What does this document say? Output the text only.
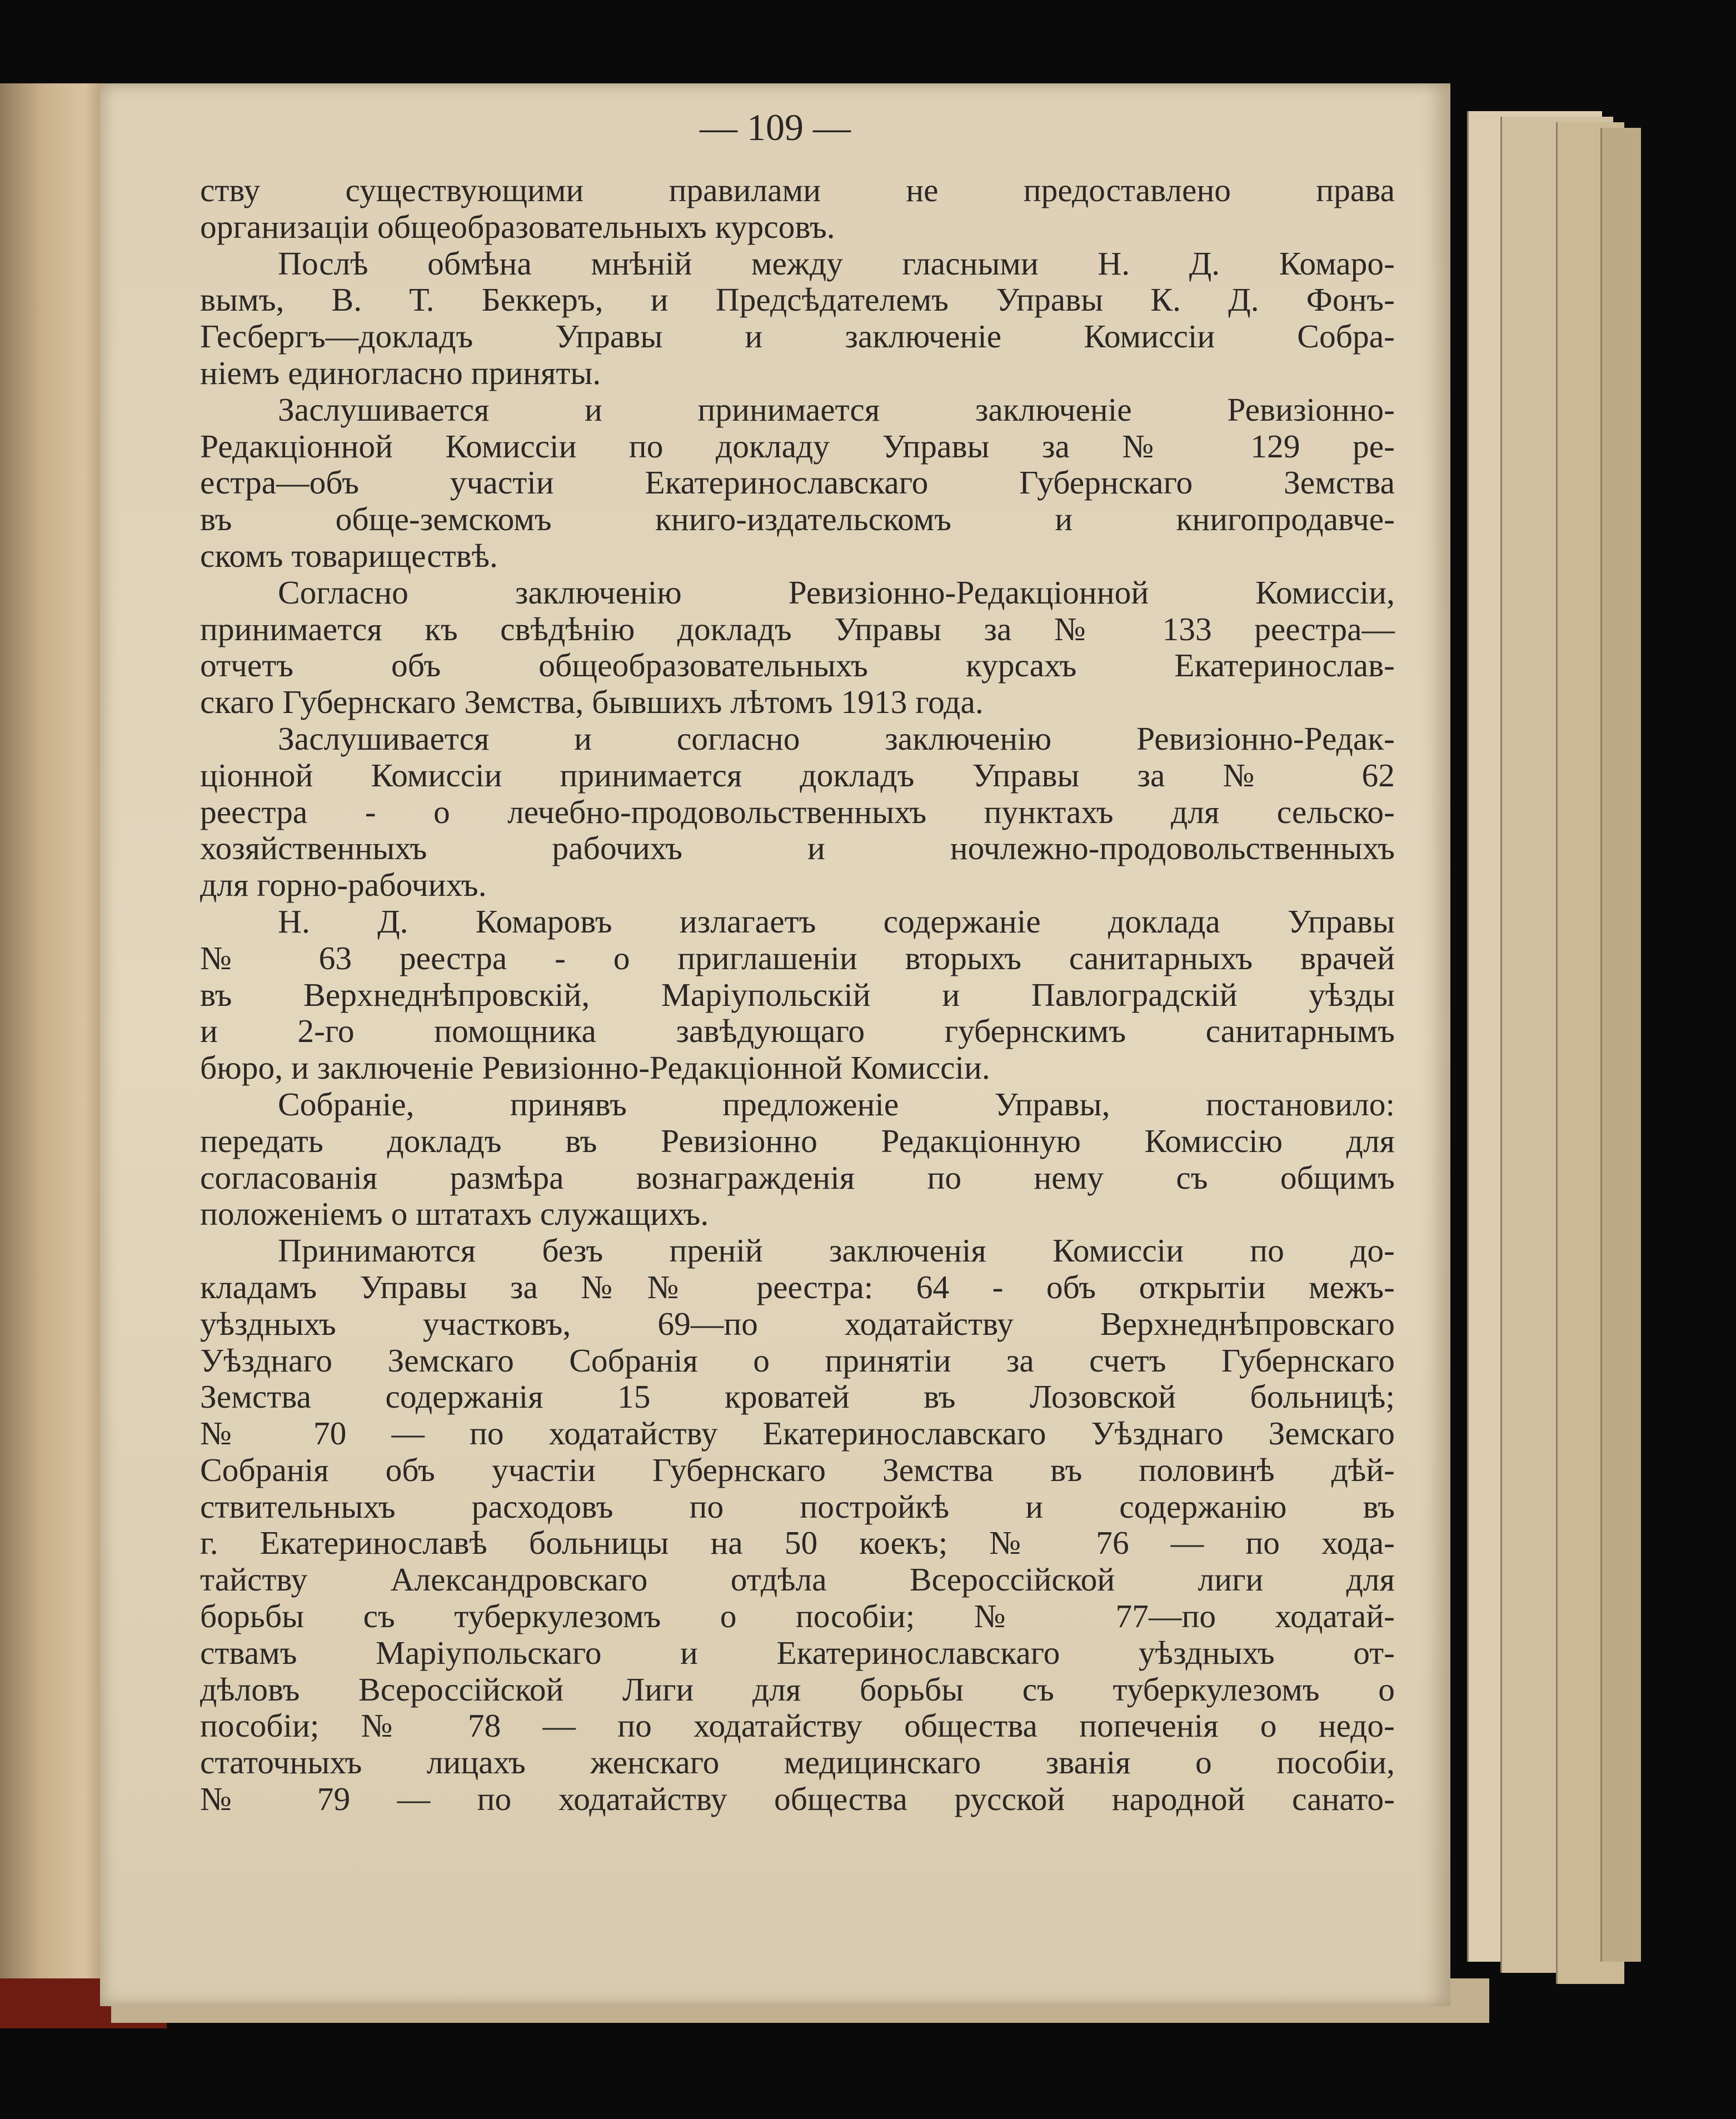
— 109 —
ству существующими правилами не предоставлено права
организацiи общеобразовательныхъ курсовъ.
Послѣ обмѣна мнѣнiй между гласными Н. Д. Комаро-
вымъ, В. Т. Беккеръ, и Предсѣдателемъ Управы К. Д. Фонъ-
Гесбергъ—докладъ Управы и заключенiе Комиссiи Собра-
нiемъ единогласно приняты.
Заслушивается и принимается заключенiе Ревизiонно-
Редакцiонной Комиссiи по докладу Управы за № 129 ре-
естра—объ участiи Екатеринославскаго Губернскаго Земства
въ обще-земскомъ книго-издательскомъ и книгопродавче-
скомъ товариществѣ.
Согласно заключенiю Ревизiонно-Редакцiонной Комиссiи,
принимается къ свѣдѣнiю докладъ Управы за № 133 реестра—
отчетъ объ общеобразовательныхъ курсахъ Екатеринослав-
скаго Губернскаго Земства, бывшихъ лѣтомъ 1913 года.
Заслушивается и согласно заключенiю Ревизiонно-Редак-
цiонной Комиссiи принимается докладъ Управы за № 62
реестра - о лечебно-продовольственныхъ пунктахъ для сельско-
хозяйственныхъ рабочихъ и ночлежно-продовольственныхъ
для горно-рабочихъ.
Н. Д. Комаровъ излагаетъ содержанiе доклада Управы
№ 63 реестра - о приглашенiи вторыхъ санитарныхъ врачей
въ Верхнеднѣпровскiй, Марiупольскiй и Павлоградскiй уѣзды
и 2-го помощника завѣдующаго губернскимъ санитарнымъ
бюро, и заключенiе Ревизiонно-Редакцiонной Комиссiи.
Собранiе, принявъ предложенiе Управы, постановило:
передать докладъ въ Ревизiонно Редакцiонную Комиссiю для
согласованiя размѣра вознагражденiя по нему съ общимъ
положенiемъ о штатахъ служащихъ.
Принимаются безъ пренiй заключенiя Комиссiи по до-
кладамъ Управы за №№ реестра: 64 - объ открытiи межъ-
уѣздныхъ участковъ, 69—по ходатайству Верхнеднѣпровскаго
Уѣзднаго Земскаго Собранiя о принятiи за счетъ Губернскаго
Земства содержанiя 15 кроватей въ Лозовской больницѣ;
№ 70 — по ходатайству Екатеринославскаго Уѣзднаго Земскаго
Собранiя объ участiи Губернскаго Земства въ половинѣ дѣй-
ствительныхъ расходовъ по постройкѣ и содержанiю въ
г. Екатеринославѣ больницы на 50 коекъ; № 76 — по хода-
тайству Александровскаго отдѣла Всероссiйской лиги для
борьбы съ туберкулезомъ о пособiи; № 77—по ходатай-
ствамъ Марiупольскаго и Екатеринославскаго уѣздныхъ от-
дѣловъ Всероссiйской Лиги для борьбы съ туберкулезомъ о
пособiи; № 78 — по ходатайству общества попеченiя о недо-
статочныхъ лицахъ женскаго медицинскаго званiя о пособiи,
№ 79 — по ходатайству общества русской народной санато-
